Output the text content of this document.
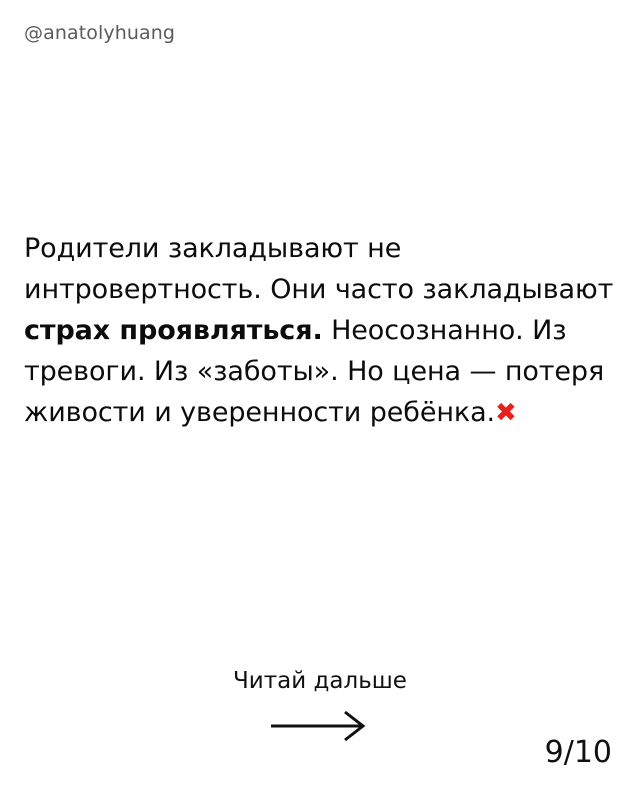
@anatolyhuang
Родители закладывают не интровертность. Они часто закладывают страх проявляться. Неосознанно. Из тревоги. Из «заботы». Но цена — потеря живости и уверенности ребёнка.✖
Читай дальше
9/10
